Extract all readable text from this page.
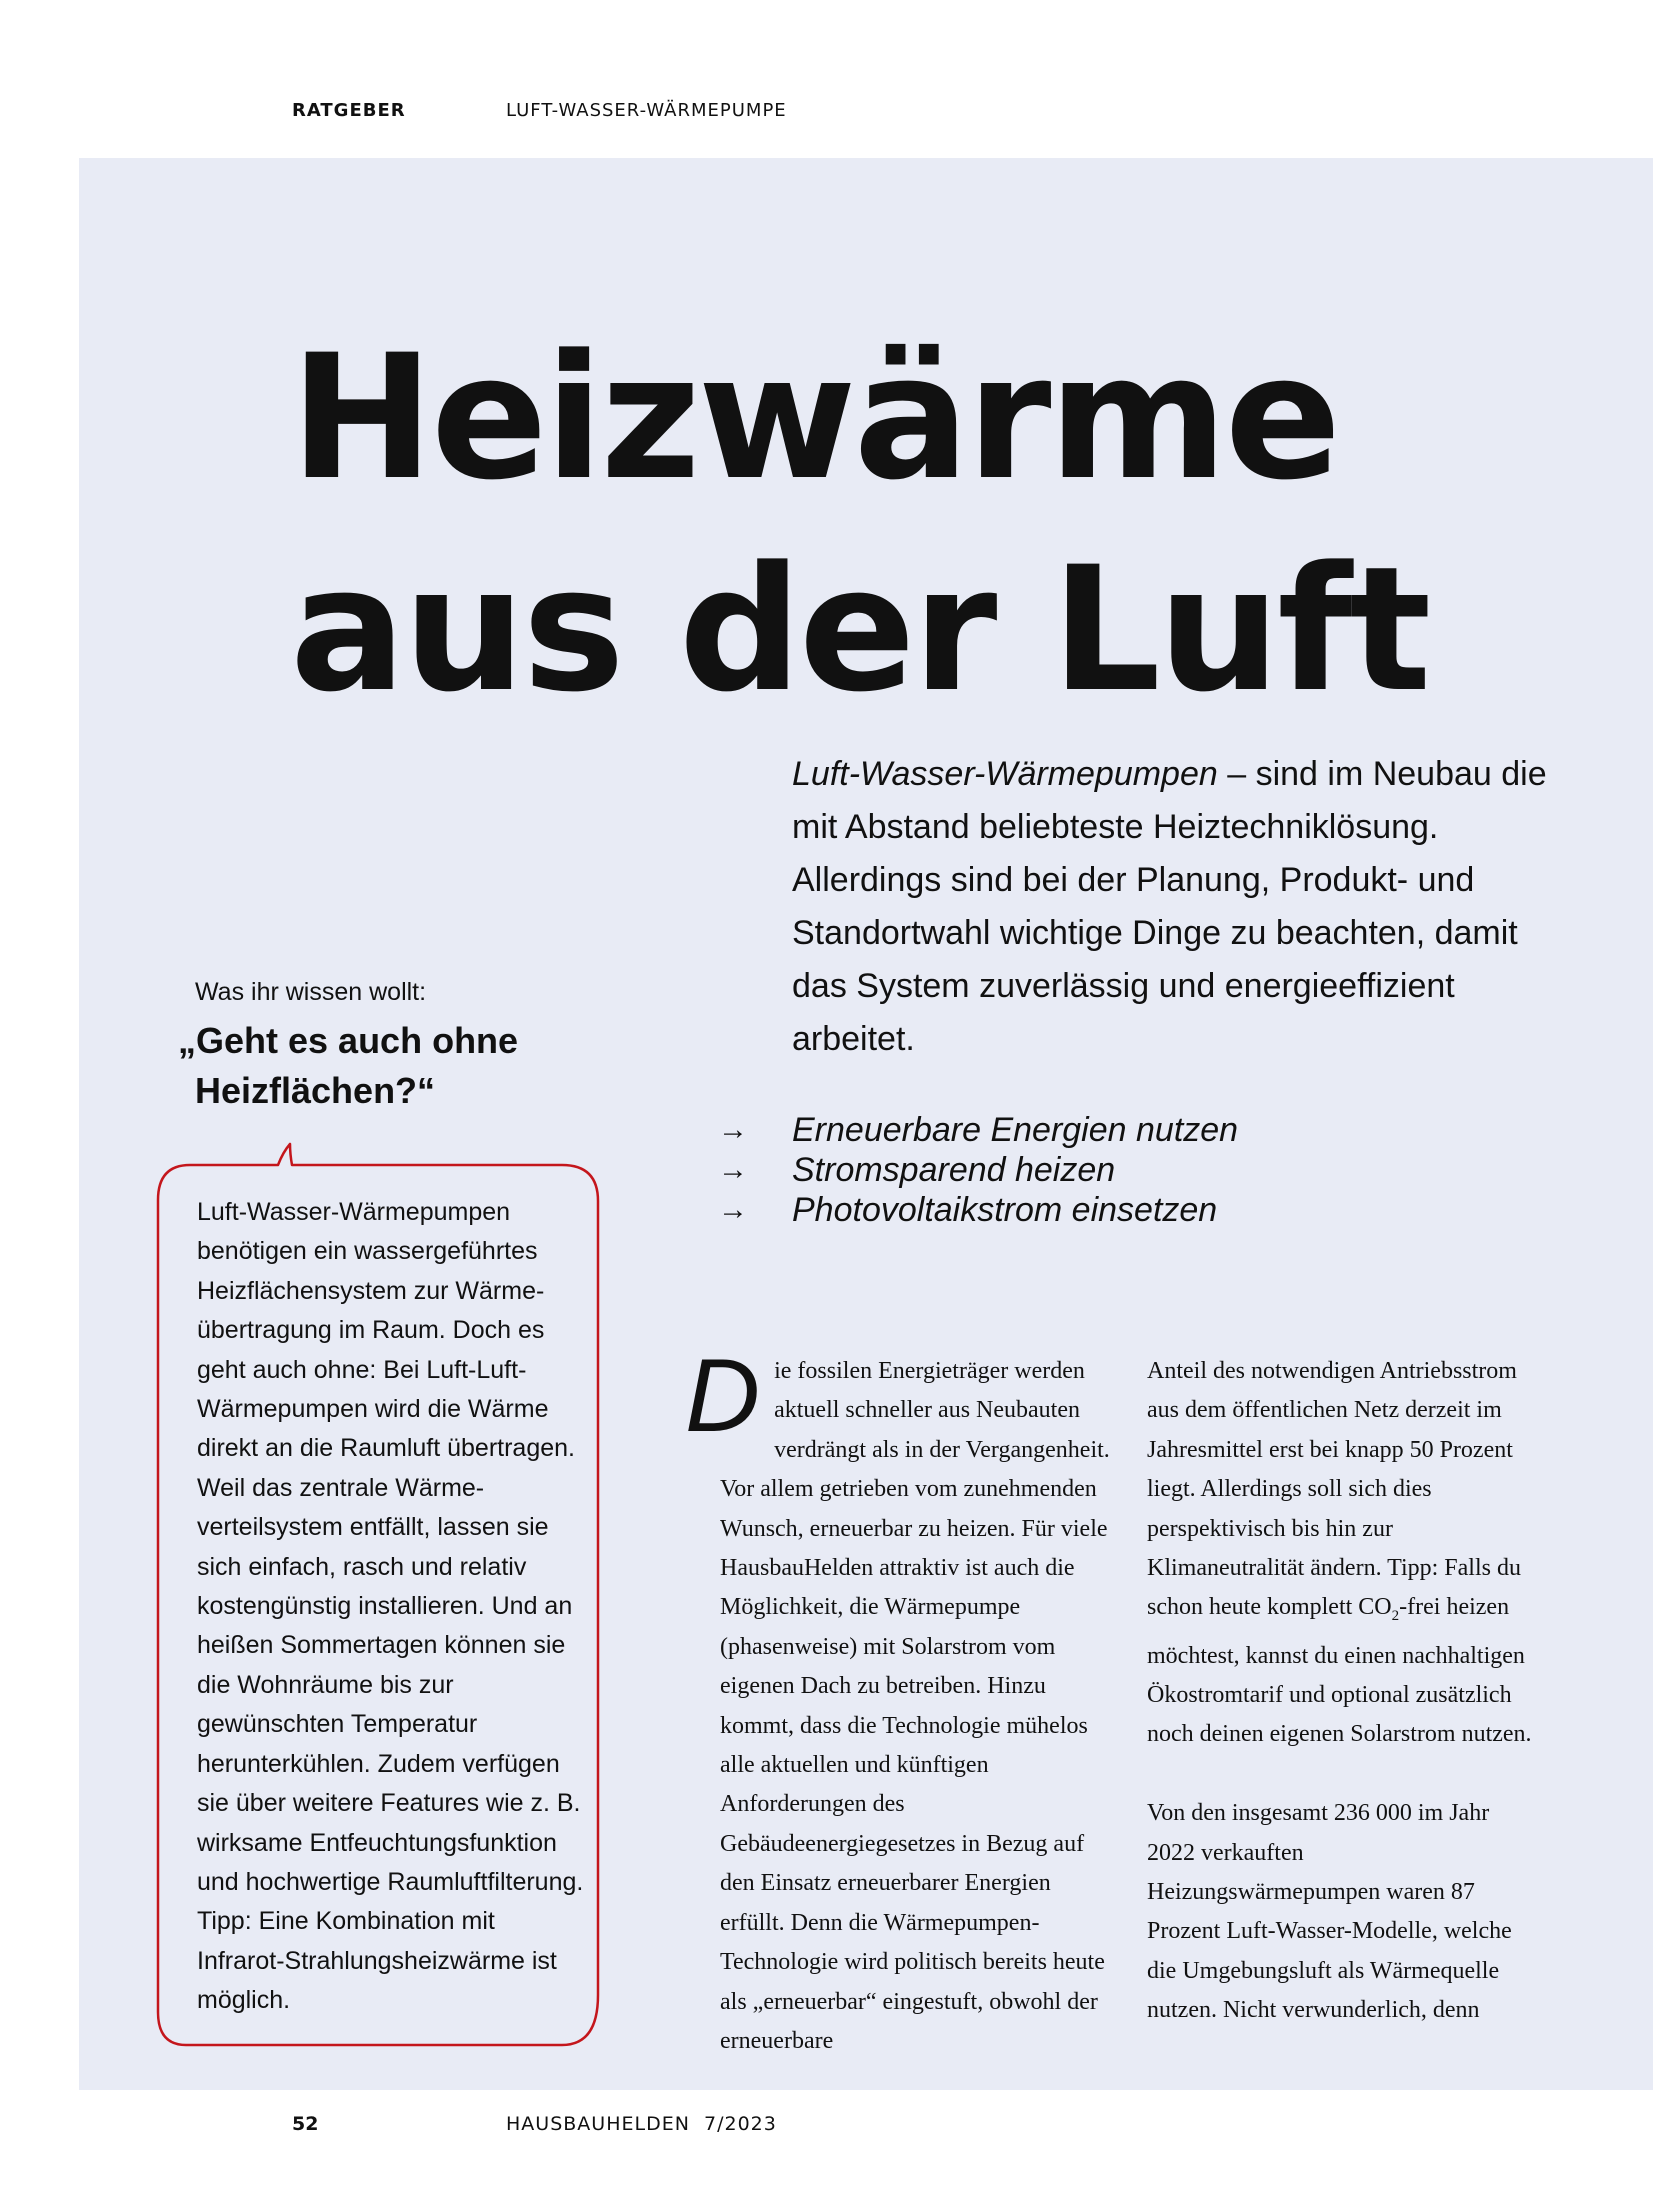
RATGEBER	LUFT-WASSER-WÄRMEPUMPE
Heizwärme
aus der Luft

Luft-Wasser-Wärmepumpen – sind im Neubau die mit Abstand beliebteste Heiztechniklösung. Allerdings sind bei der Planung, Produkt- und Standortwahl wichtige Dinge zu beachten, damit das System zuverlässig und energieeffizient arbeitet.

→	Erneuerbare Energien nutzen
→	Stromsparend heizen
→	Photovoltaikstrom einsetzen
Was ihr wissen wollt:
„Geht es auch ohne
Heizflächen?“

Luft-Wasser-Wärmepumpen benötigen ein wassergeführtes Heizflächensystem zur Wärme-übertragung im Raum. Doch es geht auch ohne: Bei Luft-Luft-Wärmepumpen wird die Wärme direkt an die Raumluft übertragen. Weil das zentrale Wärme-verteilsystem entfällt, lassen sie sich einfach, rasch und relativ kostengünstig installieren. Und an heißen Sommertagen können sie die Wohnräume bis zur gewünschten Temperatur herunterkühlen. Zudem verfügen sie über weitere Features wie z. B. wirksame Entfeuchtungsfunktion und hochwertige Raumluftfilterung. Tipp: Eine Kombination mit Infrarot-Strahlungsheizwärme ist möglich.

D ie fossilen Energieträger werden aktuell schneller aus Neubauten verdrängt als in der Vergangenheit. Vor allem getrieben vom zunehmenden Wunsch, erneuerbar zu heizen. Für viele HausbauHelden attraktiv ist auch die Möglichkeit, die Wärmepumpe (phasenweise) mit Solarstrom vom eigenen Dach zu betreiben. Hinzu kommt, dass die Technologie mühelos alle aktuellen und künftigen Anforderungen des Gebäudeenergiegesetzes in Bezug auf den Einsatz erneuerbarer Energien erfüllt. Denn die Wärmepumpen-Technologie wird politisch bereits heute als „erneuerbar“ eingestuft, obwohl der erneuerbare

Anteil des notwendigen Antriebsstrom aus dem öffentlichen Netz derzeit im Jahresmittel erst bei knapp 50 Prozent liegt. Allerdings soll sich dies perspektivisch bis hin zur Klimaneutralität ändern. Tipp: Falls du schon heute komplett $CO_2$-frei heizen möchtest, kannst du einen nachhaltigen Ökostromtarif und optional zusätzlich noch deinen eigenen Solarstrom nutzen.

Von den insgesamt 236 000 im Jahr 2022 verkauften Heizungswärmepumpen waren 87 Prozent Luft-Wasser-Modelle, welche die Umgebungsluft als Wärmequelle nutzen. Nicht verwunderlich, denn

52	HAUSBAUHELDEN  7/2023
